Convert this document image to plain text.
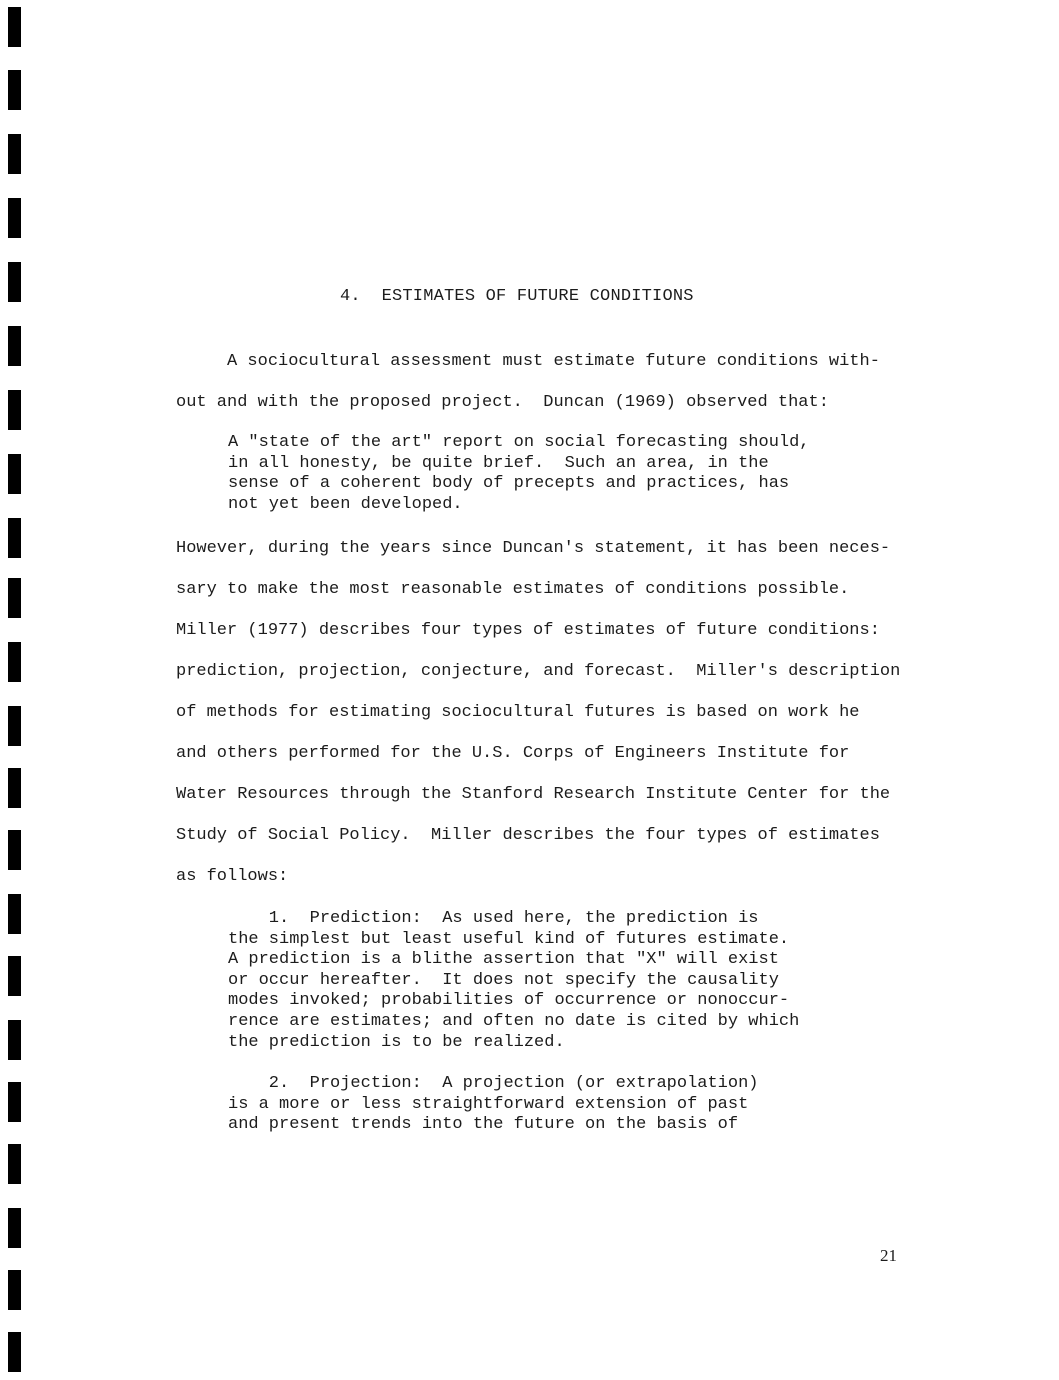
4.  ESTIMATES OF FUTURE CONDITIONS
A sociocultural assessment must estimate future conditions with-
out and with the proposed project.  Duncan (1969) observed that:
A "state of the art" report on social forecasting should,
in all honesty, be quite brief.  Such an area, in the
sense of a coherent body of precepts and practices, has
not yet been developed.
However, during the years since Duncan's statement, it has been neces-
sary to make the most reasonable estimates of conditions possible.
Miller (1977) describes four types of estimates of future conditions:
prediction, projection, conjecture, and forecast.  Miller's description
of methods for estimating sociocultural futures is based on work he
and others performed for the U.S. Corps of Engineers Institute for
Water Resources through the Stanford Research Institute Center for the
Study of Social Policy.  Miller describes the four types of estimates
as follows:
1.  Prediction:  As used here, the prediction is
the simplest but least useful kind of futures estimate.
A prediction is a blithe assertion that "X" will exist
or occur hereafter.  It does not specify the causality
modes invoked; probabilities of occurrence or nonoccur-
rence are estimates; and often no date is cited by which
the prediction is to be realized.
2.  Projection:  A projection (or extrapolation)
is a more or less straightforward extension of past
and present trends into the future on the basis of
21
